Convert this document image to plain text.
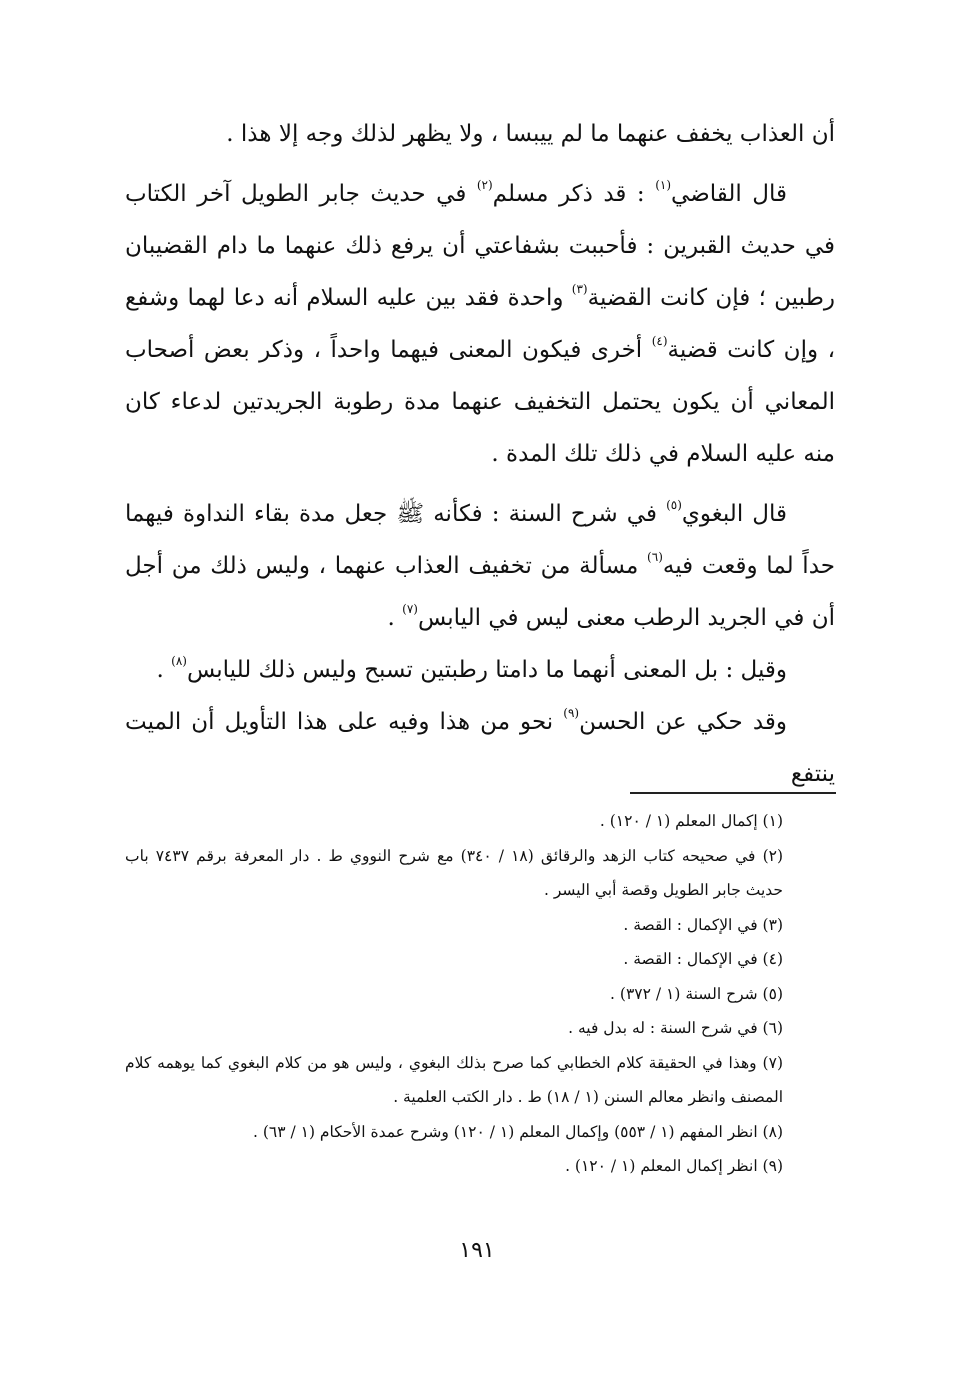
أن العذاب يخفف عنهما ما لم ييبسا ، ولا يظهر لذلك وجه إلا هذا .

قال القاضي$^{(١)}$ : قد ذكر مسلم$^{(٢)}$ في حديث جابر الطويل آخر الكتاب في حديث القبرين : فأحببت بشفاعتي أن يرفع ذلك عنهما ما دام القضيبان رطبين ؛ فإن كانت القضية$^{(٣)}$ واحدة فقد بين عليه السلام أنه دعا لهما وشفع ، وإن كانت قضية$^{(٤)}$ أخرى فيكون المعنى فيهما واحداً ، وذكر بعض أصحاب المعاني أن يكون يحتمل التخفيف عنهما مدة رطوبة الجريدتين لدعاء كان منه عليه السلام في ذلك تلك المدة .

قال البغوي$^{(٥)}$ في شرح السنة : فكأنه ﷺ جعل مدة بقاء النداوة فيهما حداً لما وقعت فيه$^{(٦)}$ مسألة من تخفيف العذاب عنهما ، وليس ذلك من أجل أن في الجريد الرطب معنى ليس في اليابس$^{(٧)}$ .

وقيل : بل المعنى أنهما ما دامتا رطبتين تسبح وليس ذلك لليابس$^{(٨)}$ .

وقد حكي عن الحسن$^{(٩)}$ نحو من هذا وفيه على هذا التأويل أن الميت ينتفع

(١) إكمال المعلم (١ / ١٢٠) .

(٢) في صحيحه كتاب الزهد والرقائق (١٨ / ٣٤٠) مع شرح النووي ط . دار المعرفة برقم ٧٤٣٧ باب حديث جابر الطويل وقصة أبي اليسر .

(٣) في الإكمال : القصة .

(٤) في الإكمال : القصة .

(٥) شرح السنة (١ / ٣٧٢) .

(٦) في شرح السنة : له بدل فيه .

(٧) وهذا في الحقيقة كلام الخطابي كما صرح بذلك البغوي ، وليس هو من كلام البغوي كما يوهمه كلام المصنف وانظر معالم السنن (١ / ١٨) ط . دار الكتب العلمية .

(٨) انظر المفهم (١ / ٥٥٣) وإكمال المعلم (١ / ١٢٠) وشرح عمدة الأحكام (١ / ٦٣) .

(٩) انظر إكمال المعلم (١ / ١٢٠) .

١٩١
